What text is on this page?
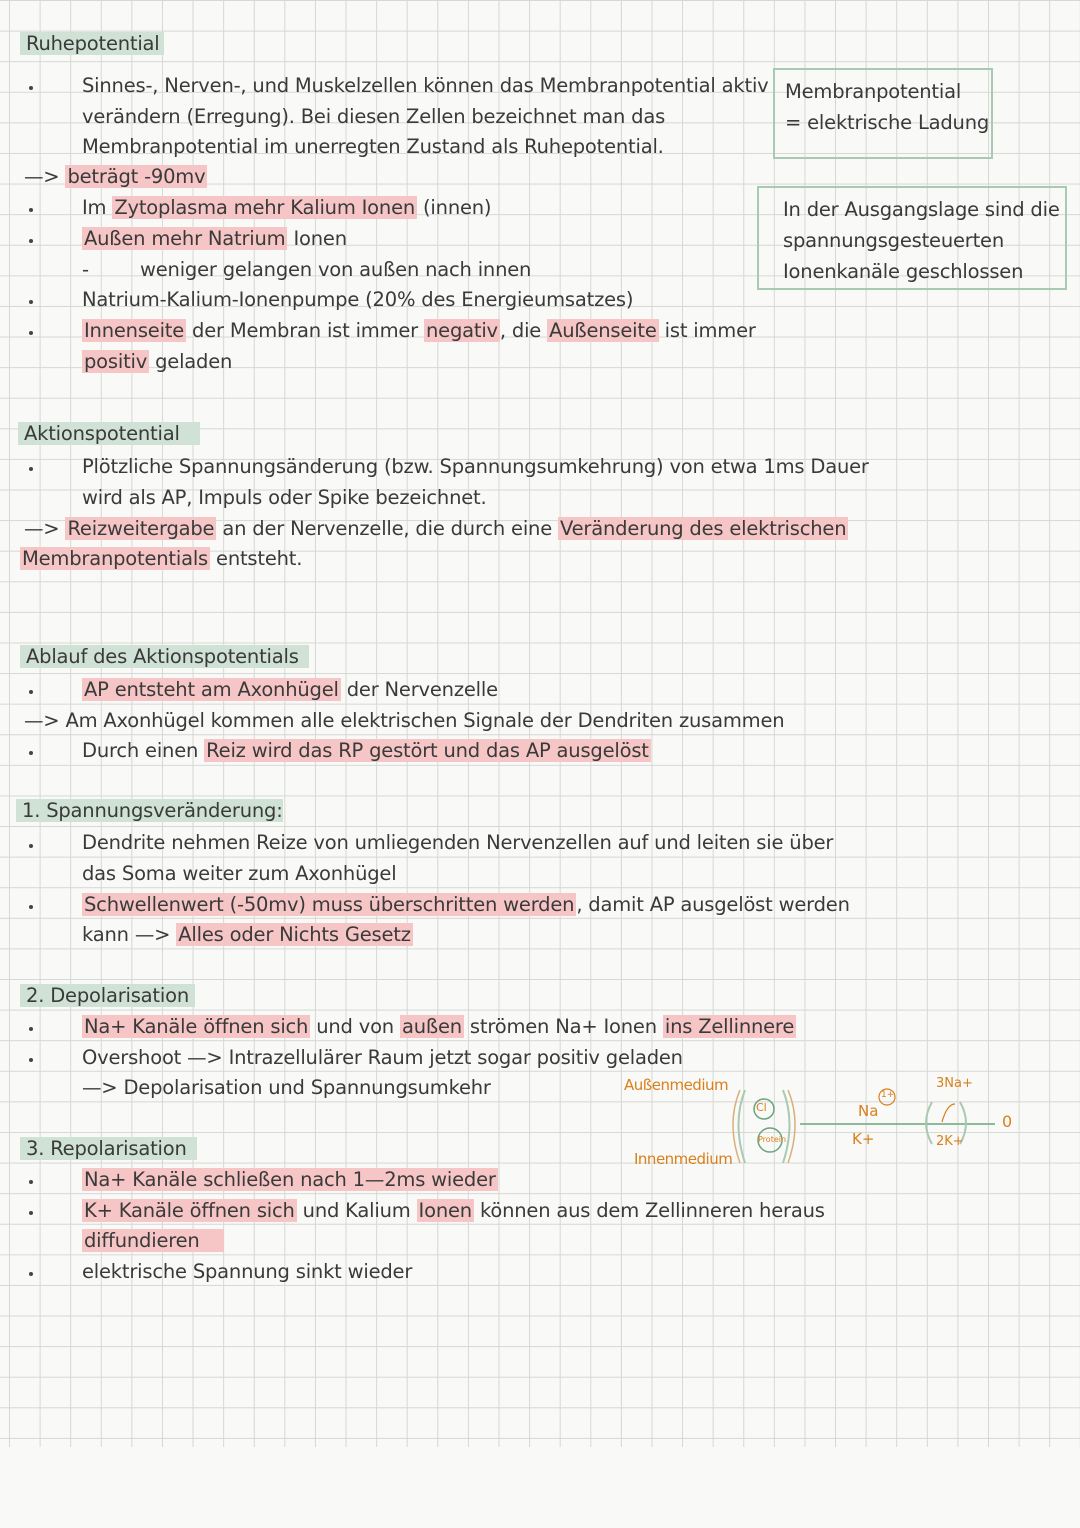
Ruhepotential
Sinnes-, Nerven-, und Muskelzellen können das Membranpotential aktiv
verändern (Erregung). Bei diesen Zellen bezeichnet man das
Membranpotential im unerregten Zustand als Ruhepotential.
—> beträgt -90mv
Im Zytoplasma mehr Kalium Ionen (innen)
Außen mehr Natrium Ionen
-	weniger gelangen von außen nach innen
Natrium-Kalium-Ionenpumpe (20% des Energieumsatzes)
Innenseite der Membran ist immer negativ , die Außenseite ist immer
positiv geladen
Membranpotential
= elektrische Ladung
In der Ausgangslage sind die
spannungsgesteuerten
Ionenkanäle geschlossen
Aktionspotential
Plötzliche Spannungsänderung (bzw. Spannungsumkehrung) von etwa 1ms Dauer
wird als AP, Impuls oder Spike bezeichnet.
—> Reizweitergabe an der Nervenzelle, die durch eine Veränderung des elektrischen
Membranpotentials entsteht.
Ablauf des Aktionspotentials
AP entsteht am Axonhügel der Nervenzelle
—> Am Axonhügel kommen alle elektrischen Signale der Dendriten zusammen
Durch einen Reiz wird das RP gestört und das AP ausgelöst
1. Spannungsveränderung:
Dendrite nehmen Reize von umliegenden Nervenzellen auf und leiten sie über
das Soma weiter zum Axonhügel
Schwellenwert (-50mv) muss überschritten werden , damit AP ausgelöst werden
kann —> Alles oder Nichts Gesetz
2. Depolarisation
Na+ Kanäle öffnen sich und von außen strömen Na+ Ionen ins Zellinnere
Overshoot —> Intrazellulärer Raum jetzt sogar positiv geladen
—> Depolarisation und Spannungsumkehr
3. Repolarisation
Na+ Kanäle schließen nach 1—2ms wieder
K+ Kanäle öffnen sich und Kalium Ionen können aus dem Zellinneren heraus
diffundieren
elektrische Spannung sinkt wieder
Außenmedium
Innenmedium
Cl
Protein
Na
1+
K+
3Na+
2K+
0
